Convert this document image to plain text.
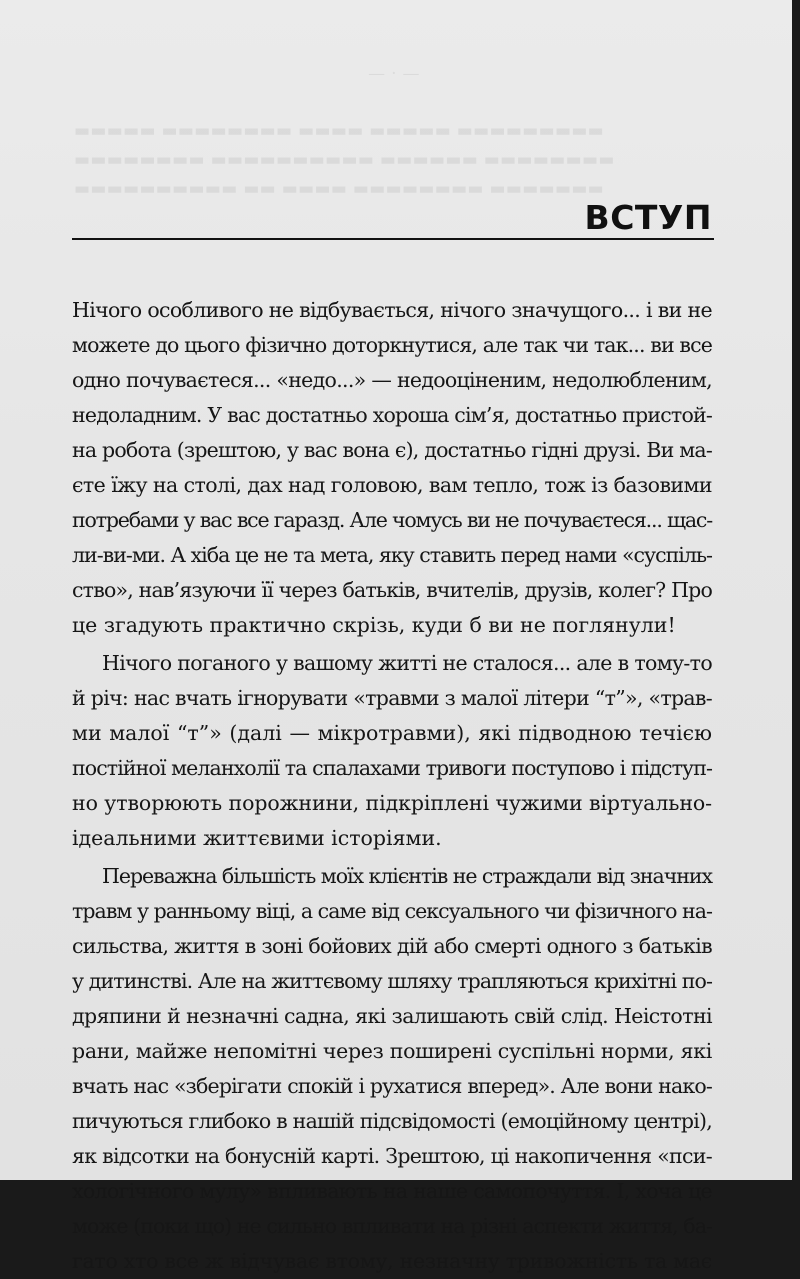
— · —
▬▬▬▬▬ ▬▬▬▬▬▬▬▬ ▬▬▬▬ ▬▬▬▬▬ ▬▬▬▬▬▬▬▬▬
▬▬▬▬▬▬▬▬ ▬▬▬▬▬▬▬▬▬▬ ▬▬▬▬▬▬ ▬▬▬▬▬▬▬▬
▬▬▬▬▬▬▬▬▬▬ ▬▬ ▬▬▬▬ ▬▬▬▬▬▬▬▬ ▬▬▬▬▬▬▬
ВСТУП
Нічого особливого не відбувається, нічого значущого... і ви не
можете до цього фізично доторкнутися, але так чи так... ви все
одно почуваєтеся... «недо...» — недооціненим, недолюбленим,
недоладним. У вас достатньо хороша сім’я, достатньо пристой-
на робота (зрештою, у вас вона є), достатньо гідні друзі. Ви ма-
єте їжу на столі, дах над головою, вам тепло, тож із базовими
потребами у вас все гаразд. Але чомусь ви не почуваєтеся... щас-
ли-ви-ми. А хіба це не та мета, яку ставить перед нами «суспіль-
ство», нав’язуючи її через батьків, вчителів, друзів, колег? Про
це згадують практично скрізь, куди б ви не поглянули!
Нічого поганого у вашому житті не сталося... але в тому-то
й річ: нас вчать ігнорувати «травми з малої літери “т”», «трав-
ми малої “т”» (далі — мікротравми), які підводною течією
постійної меланхолії та спалахами тривоги поступово і підступ-
но утворюють порожнини, підкріплені чужими віртуально-
ідеальними життєвими історіями.
Переважна більшість моїх клієнтів не страждали від значних
травм у ранньому віці, а саме від сексуального чи фізичного на-
сильства, життя в зоні бойових дій або смерті одного з батьків
у дитинстві. Але на життєвому шляху трапляються крихітні по-
дряпини й незначні садна, які залишають свій слід. Неістотні
рани, майже непомітні через поширені суспільні норми, які
вчать нас «зберігати спокій і рухатися вперед». Але вони нако-
пичуються глибоко в нашій підсвідомості (емоційному центрі),
як відсотки на бонусній карті. Зрештою, ці накопичення «пси-
хологічного мулу» впливають на наше самопочуття. І, хоча це
може (поки що) не сильно впливати на різні аспекти життя, ба-
гато хто все ж відчуває втому, незначну тривожність та має
